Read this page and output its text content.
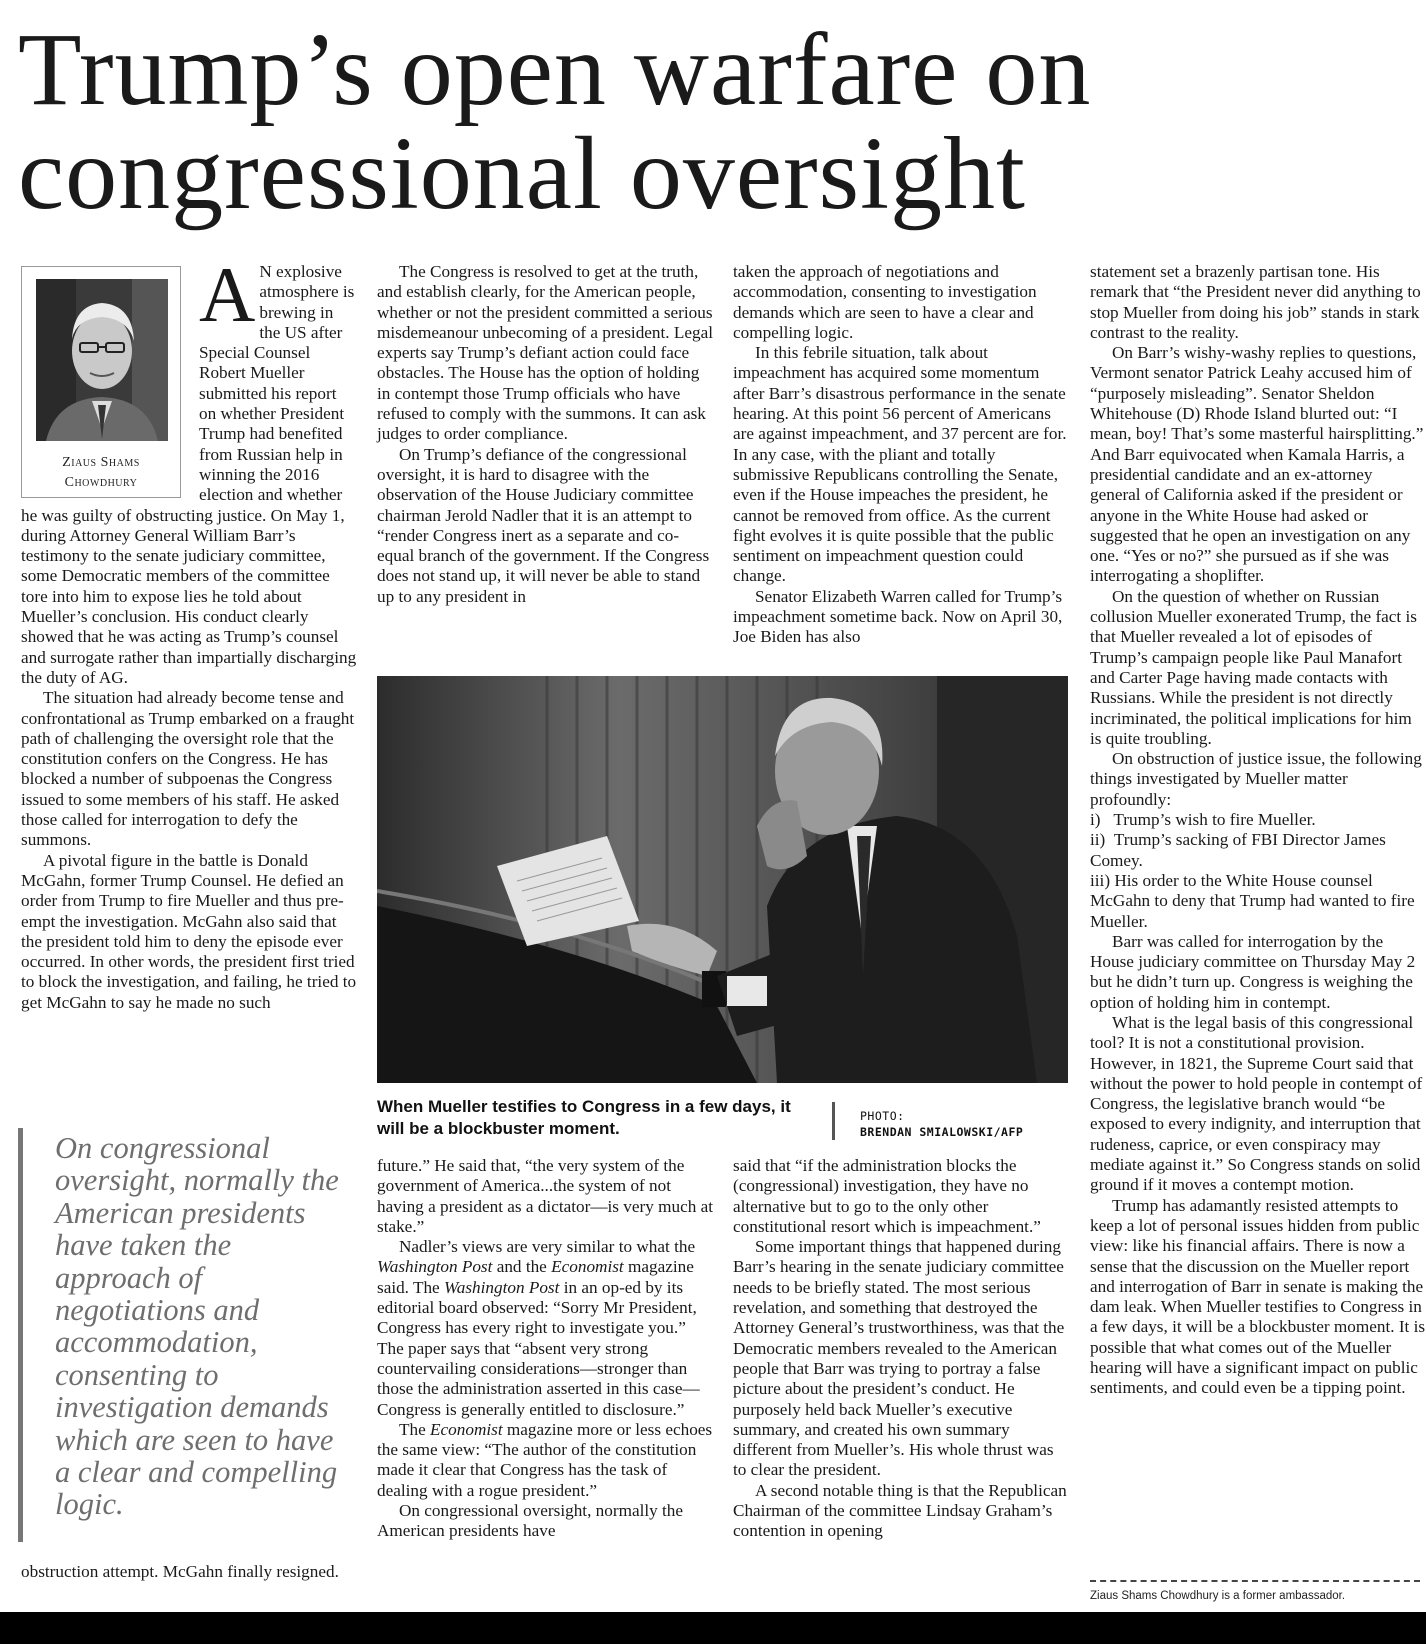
Trump’s open warfare on congressional oversight
Ziaus Shams
Chowdhury

A N explosive atmosphere is brewing in the US after Special Counsel Robert Mueller submitted his report on whether President Trump had benefited from Russian help in winning the 2016 election and whether he was guilty of obstructing justice. On May 1, during Attorney General William Barr’s testimony to the senate judiciary committee, some Democratic members of the committee tore into him to expose lies he told about Mueller’s conclusion. His conduct clearly showed that he was acting as Trump’s counsel and surrogate rather than impartially discharging the duty of AG.

The situation had already become tense and confrontational as Trump embarked on a fraught path of challenging the oversight role that the constitution confers on the Congress. He has blocked a number of subpoenas the Congress issued to some members of his staff. He asked those called for interrogation to defy the summons.

A pivotal figure in the battle is Donald McGahn, former Trump Counsel. He defied an order from Trump to fire Mueller and thus pre-empt the investigation. McGahn also said that the president told him to deny the episode ever occurred. In other words, the president first tried to block the investigation, and failing, he tried to get McGahn to say he made no such

On congressional oversight, normally the American presidents have taken the approach of negotiations and accommodation, consenting to investigation demands which are seen to have a clear and compelling logic.

obstruction attempt. McGahn finally resigned.

The Congress is resolved to get at the truth, and establish clearly, for the American people, whether or not the president committed a serious misdemeanour unbecoming of a president. Legal experts say Trump’s defiant action could face obstacles. The House has the option of holding in contempt those Trump officials who have refused to comply with the summons. It can ask judges to order compliance.

On Trump’s defiance of the congressional oversight, it is hard to disagree with the observation of the House Judiciary committee chairman Jerold Nadler that it is an attempt to “render Congress inert as a separate and co-equal branch of the government. If the Congress does not stand up, it will never be able to stand up to any president in

taken the approach of negotiations and accommodation, consenting to investigation demands which are seen to have a clear and compelling logic.

In this febrile situation, talk about impeachment has acquired some momentum after Barr’s disastrous performance in the senate hearing. At this point 56 percent of Americans are against impeachment, and 37 percent are for. In any case, with the pliant and totally submissive Republicans controlling the Senate, even if the House impeaches the president, he cannot be removed from office. As the current fight evolves it is quite possible that the public sentiment on impeachment question could change.

Senator Elizabeth Warren called for Trump’s impeachment sometime back. Now on April 30, Joe Biden has also

When Mueller testifies to Congress in a few days, it will be a blockbuster moment.
PHOTO:
BRENDAN SMIALOWSKI/AFP

future.” He said that, “the very system of the government of America...the system of not having a president as a dictator—is very much at stake.”

Nadler’s views are very similar to what the Washington Post and the Economist magazine said. The Washington Post in an op-ed by its editorial board observed: “Sorry Mr President, Congress has every right to investigate you.” The paper says that “absent very strong countervailing considerations—stronger than those the administration asserted in this case—Congress is generally entitled to disclosure.”

The Economist magazine more or less echoes the same view: “The author of the constitution made it clear that Congress has the task of dealing with a rogue president.”

On congressional oversight, normally the American presidents have

said that “if the administration blocks the (congressional) investigation, they have no alternative but to go to the only other constitutional resort which is impeachment.”

Some important things that happened during Barr’s hearing in the senate judiciary committee needs to be briefly stated. The most serious revelation, and something that destroyed the Attorney General’s trustworthiness, was that the Democratic members revealed to the American people that Barr was trying to portray a false picture about the president’s conduct. He purposely held back Mueller’s executive summary, and created his own summary different from Mueller’s. His whole thrust was to clear the president.

A second notable thing is that the Republican Chairman of the committee Lindsay Graham’s contention in opening

statement set a brazenly partisan tone. His remark that “the President never did anything to stop Mueller from doing his job” stands in stark contrast to the reality.

On Barr’s wishy-washy replies to questions, Vermont senator Patrick Leahy accused him of “purposely misleading”. Senator Sheldon Whitehouse (D) Rhode Island blurted out: “I mean, boy! That’s some masterful hairsplitting.” And Barr equivocated when Kamala Harris, a presidential candidate and an ex-attorney general of California asked if the president or anyone in the White House had asked or suggested that he open an investigation on any one. “Yes or no?” she pursued as if she was interrogating a shoplifter.

On the question of whether on Russian collusion Mueller exonerated Trump, the fact is that Mueller revealed a lot of episodes of Trump’s campaign people like Paul Manafort and Carter Page having made contacts with Russians. While the president is not directly incriminated, the political implications for him is quite troubling.

On obstruction of justice issue, the following things investigated by Mueller matter profoundly:

i)   Trump’s wish to fire Mueller.

ii)  Trump’s sacking of FBI Director James Comey.

iii) His order to the White House counsel McGahn to deny that Trump had wanted to fire Mueller.

Barr was called for interrogation by the House judiciary committee on Thursday May 2 but he didn’t turn up. Congress is weighing the option of holding him in contempt.

What is the legal basis of this congressional tool? It is not a constitutional provision. However, in 1821, the Supreme Court said that without the power to hold people in contempt of Congress, the legislative branch would “be exposed to every indignity, and interruption that rudeness, caprice, or even conspiracy may mediate against it.” So Congress stands on solid ground if it moves a contempt motion.

Trump has adamantly resisted attempts to keep a lot of personal issues hidden from public view: like his financial affairs. There is now a sense that the discussion on the Mueller report and interrogation of Barr in senate is making the dam leak. When Mueller testifies to Congress in a few days, it will be a blockbuster moment. It is possible that what comes out of the Mueller hearing will have a significant impact on public sentiments, and could even be a tipping point.

Ziaus Shams Chowdhury is a former ambassador.
